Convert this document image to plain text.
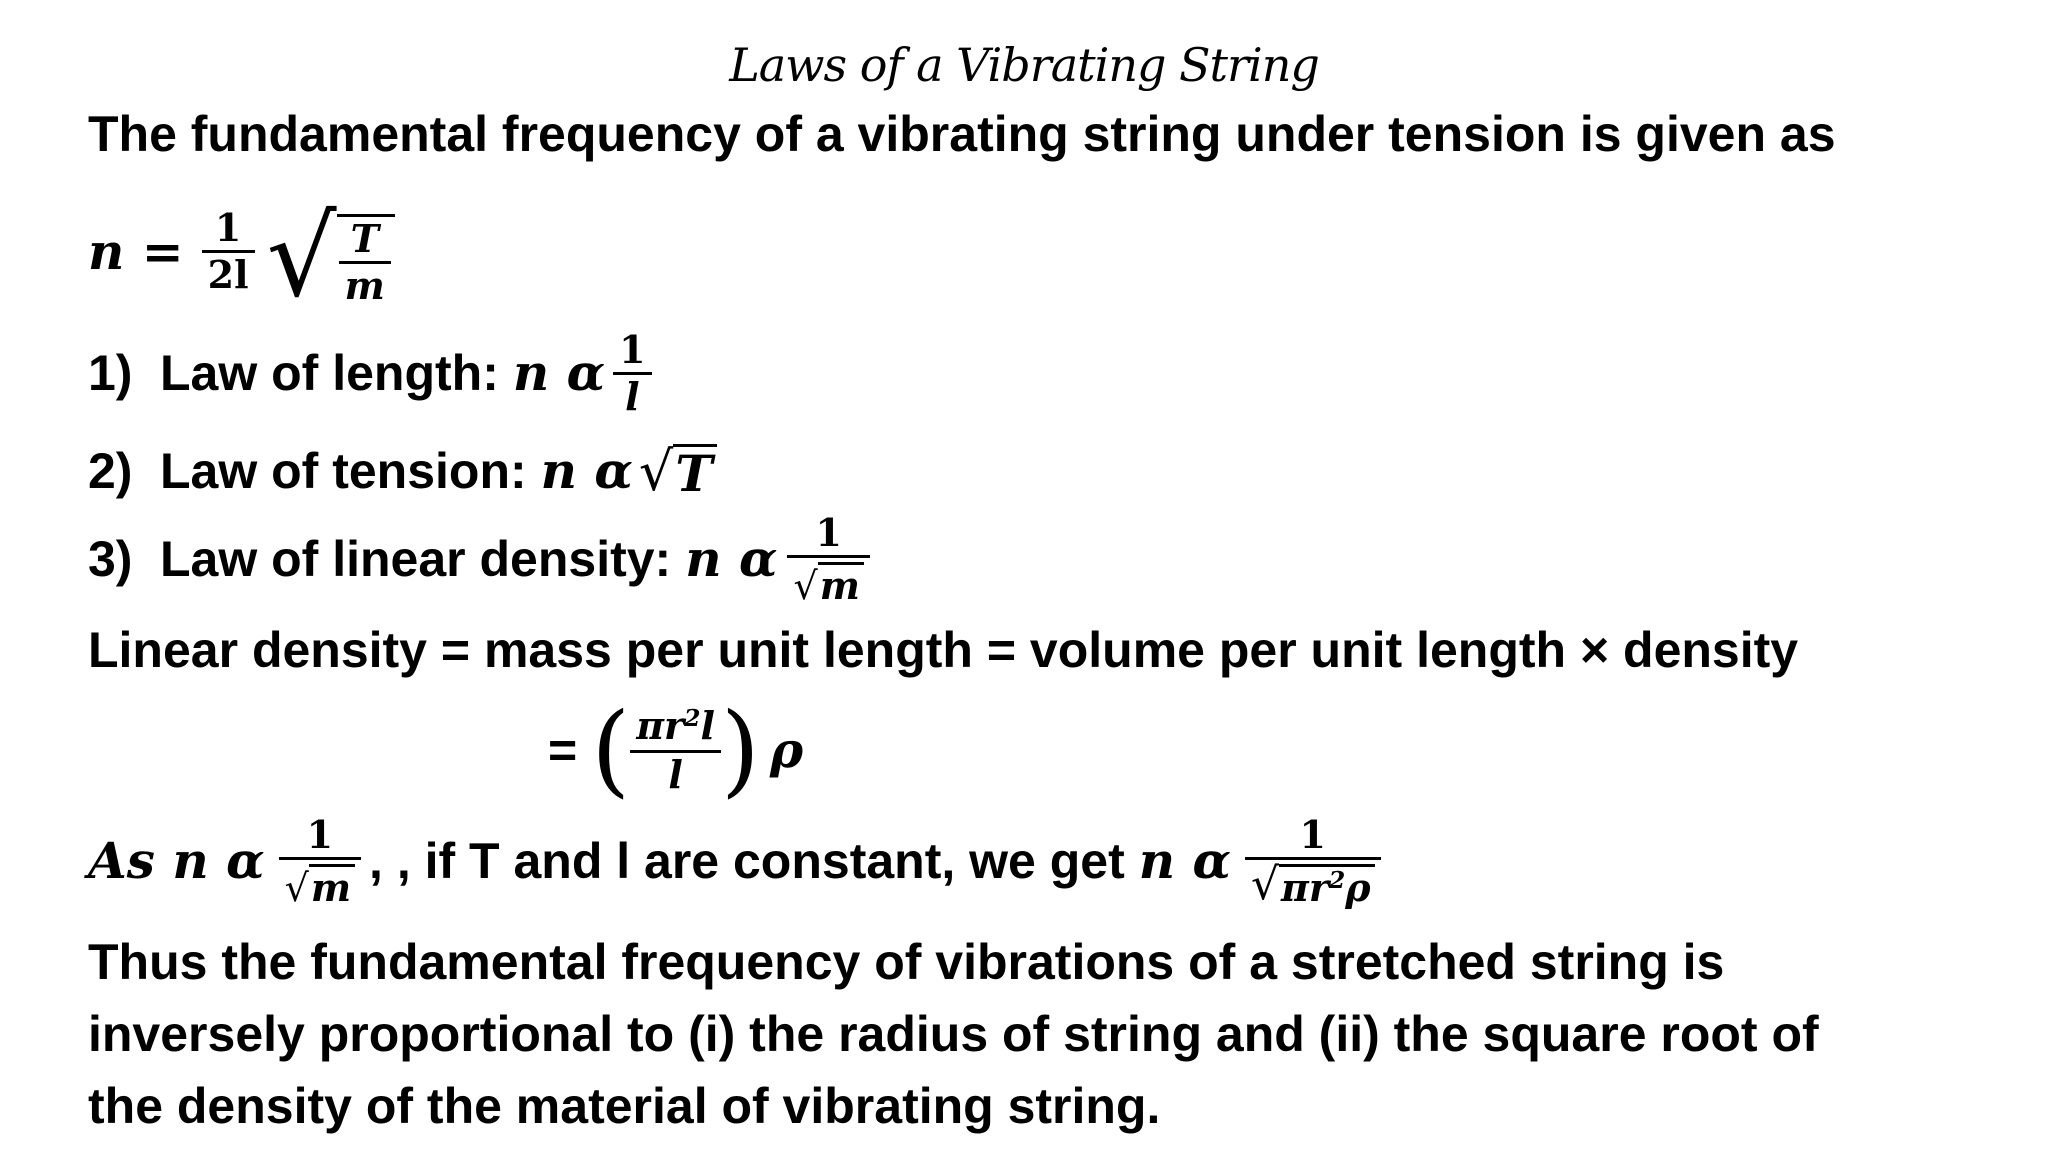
Laws of a Vibrating String
The fundamental frequency of a vibrating string under tension is given as
$n = \frac{1}{2l}$ √ $\frac{T}{m}$
1) Law of length: n α $\frac{1}{l}$
2) Law of tension: n α √ T
3) Law of linear density: n α $\frac{1}{√ m}$
Linear density = mass per unit length = volume per unit length × density
= ( $\frac{\pi r^2l}{l}$ ) ρ
As n α $\frac{1}{√ m}$ , , if T and l are constant, we get n α $\frac{1}{√ \pi r^2\rho}$
Thus the fundamental frequency of vibrations of a stretched string is
inversely proportional to (i) the radius of string and (ii) the square root of
the density of the material of vibrating string.
